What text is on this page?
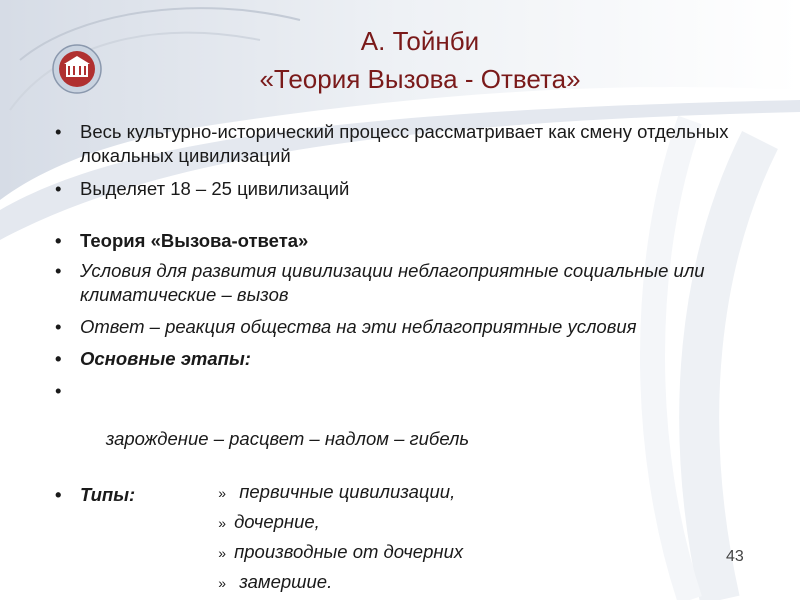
А. Тойнби
«Теория Вызова - Ответа»
• Весь культурно-исторический процесс рассматривает как смену отдельных локальных цивилизаций
• Выделяет 18 – 25 цивилизаций
• Теория «Вызова-ответа»
• Условия для развития цивилизации неблагоприятные социальные или климатические – вызов
• Ответ – реакция общества на эти неблагоприятные условия
• Основные этапы:

•

зарождение – расцвет – надлом – гибель

• Типы:	» первичные цивилизации,

» дочерние,

» производные от дочерних

» замершие.

43
